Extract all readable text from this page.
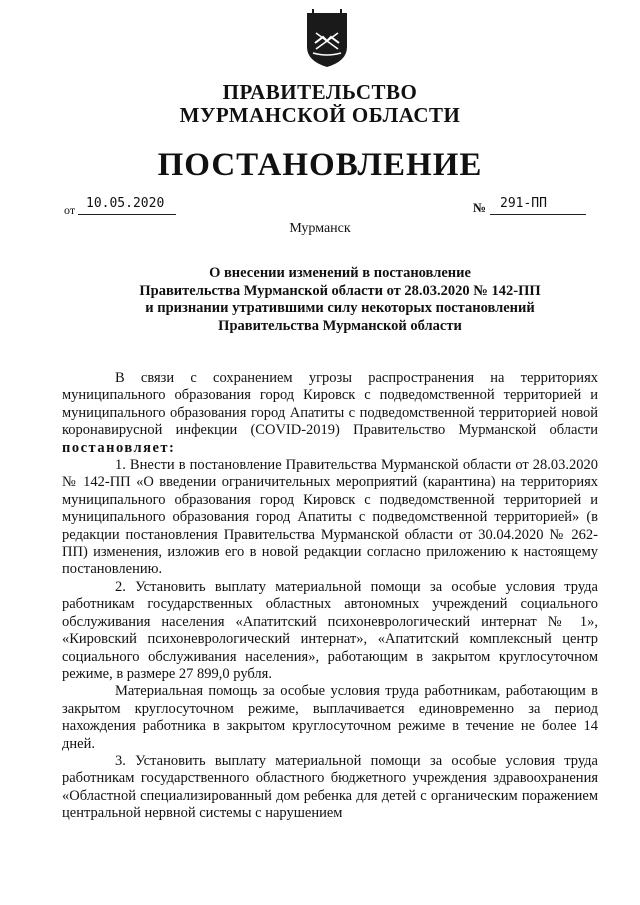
ПРАВИТЕЛЬСТВО
МУРМАНСКОЙ ОБЛАСТИ
ПОСТАНОВЛЕНИЕ
от 10.05.2020	№	291-ПП
Мурманск
О внесении изменений в постановление
Правительства Мурманской области от 28.03.2020 № 142-ПП
и признании утратившими силу некоторых постановлений
Правительства Мурманской области

В связи с сохранением угрозы распространения на территориях муниципального образования город Кировск с подведомственной территорией и муниципального образования город Апатиты с подведомственной территорией новой коронавирусной инфекции (COVID-2019) Правительство Мурманской области постановляет:

1. Внести в постановление Правительства Мурманской области от 28.03.2020 № 142-ПП «О введении ограничительных мероприятий (карантина) на территориях муниципального образования город Кировск с подведомственной территорией и муниципального образования город Апатиты с подведомственной территорией» (в редакции постановления Правительства Мурманской области от 30.04.2020 № 262-ПП) изменения, изложив его в новой редакции согласно приложению к настоящему постановлению.

2. Установить выплату материальной помощи за особые условия труда работникам государственных областных автономных учреждений социального обслуживания населения «Апатитский психоневрологический интернат № 1», «Кировский психоневрологический интернат», «Апатитский комплексный центр социального обслуживания населения», работающим в закрытом круглосуточном режиме, в размере 27 899,0 рубля.

Материальная помощь за особые условия труда работникам, работающим в закрытом круглосуточном режиме, выплачивается единовременно за период нахождения работника в закрытом круглосуточном режиме в течение не более 14 дней.

3. Установить выплату материальной помощи за особые условия труда работникам государственного областного бюджетного учреждения здравоохранения «Областной специализированный дом ребенка для детей с органическим поражением центральной нервной системы с нарушением
